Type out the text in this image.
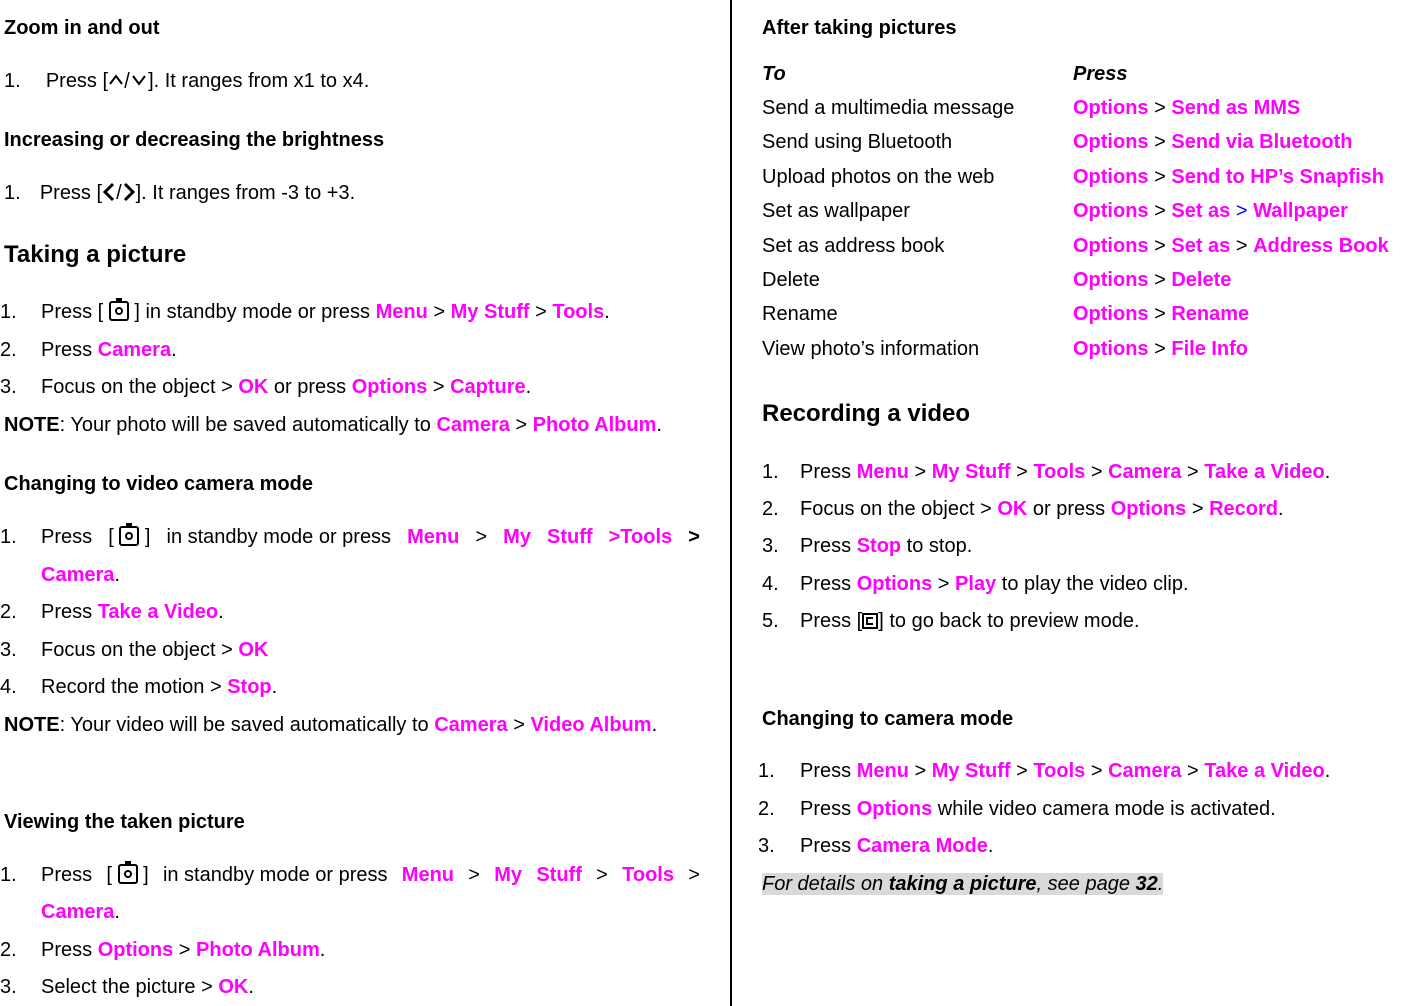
Zoom in and out
1. Press [ ]. It ranges from x1 to x4.
Increasing or decreasing the brightness
1. Press [ / ]. It ranges from -3 to +3.
Taking a picture
1. Press [ ] in standby mode or press Menu > My Stuff > Tools.
2. Press Camera.
3. Focus on the object > OK or press Options > Capture.
NOTE: Your photo will be saved automatically to Camera > Photo Album.
Changing to video camera mode
1. Press [  ] in standby mode or press Menu > My Stuff >Tools >
Camera.
2. Press Take a Video.
3. Focus on the object > OK
4. Record the motion > Stop.
NOTE: Your video will be saved automatically to Camera > Video Album.
Viewing the taken picture
1. Press [  ] in standby mode or press Menu > My Stuff > Tools >
Camera.
2. Press Options > Photo Album.
3. Select the picture > OK.
After taking pictures
To	Press
Send a multimedia message	Options > Send as MMS
Send using Bluetooth	Options > Send via Bluetooth
Upload photos on the web	Options > Send to HP’s Snapfish
Set as wallpaper	Options > Set as > Wallpaper
Set as address book	Options > Set as > Address Book
Delete	Options > Delete
Rename	Options > Rename
View photo’s information	Options > File Info
Recording a video
1. Press Menu > My Stuff > Tools > Camera > Take a Video.
2. Focus on the object > OK or press Options > Record.
3. Press Stop to stop.
4. Press Options > Play to play the video clip.
5. Press [ ] to go back to preview mode.
Changing to camera mode
1. Press Menu > My Stuff > Tools > Camera > Take a Video.
2. Press Options while video camera mode is activated.
3. Press Camera Mode.
For details on taking a picture, see page 32.
